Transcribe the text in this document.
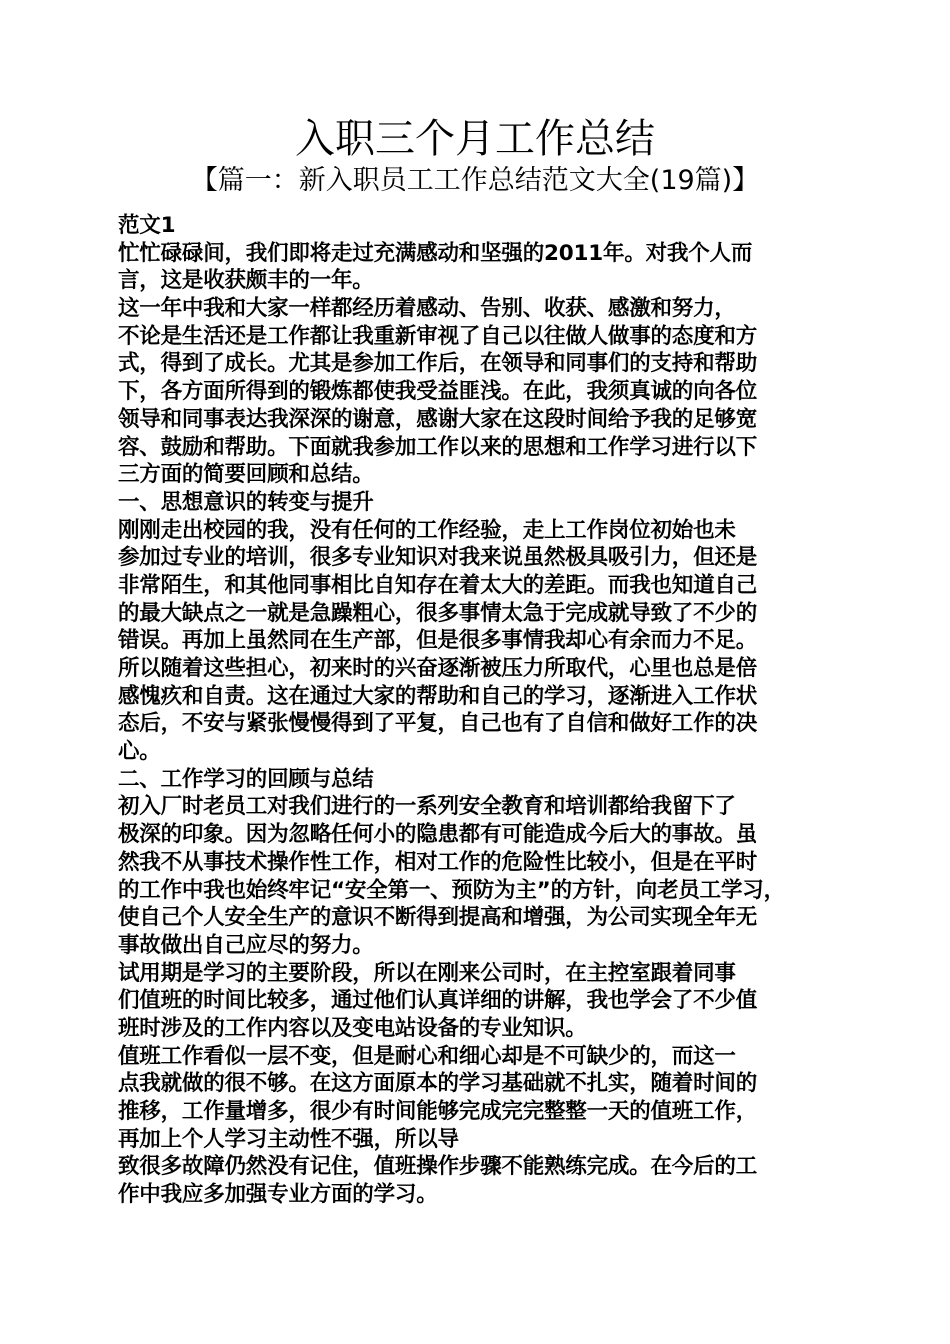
入职三个月工作总结
【篇一：新入职员工工作总结范文大全(19篇)】
范文1
忙忙碌碌间，我们即将走过充满感动和坚强的2011年。对我个人而
言，这是收获颇丰的一年。
这一年中我和大家一样都经历着感动、告别、收获、感激和努力，
不论是生活还是工作都让我重新审视了自己以往做人做事的态度和方
式，得到了成长。尤其是参加工作后，在领导和同事们的支持和帮助
下，各方面所得到的锻炼都使我受益匪浅。在此，我须真诚的向各位
领导和同事表达我深深的谢意，感谢大家在这段时间给予我的足够宽
容、鼓励和帮助。下面就我参加工作以来的思想和工作学习进行以下
三方面的简要回顾和总结。
一、思想意识的转变与提升
刚刚走出校园的我，没有任何的工作经验，走上工作岗位初始也未
参加过专业的培训，很多专业知识对我来说虽然极具吸引力，但还是
非常陌生，和其他同事相比自知存在着太大的差距。而我也知道自己
的最大缺点之一就是急躁粗心，很多事情太急于完成就导致了不少的
错误。再加上虽然同在生产部，但是很多事情我却心有余而力不足。
所以随着这些担心，初来时的兴奋逐渐被压力所取代，心里也总是倍
感愧疚和自责。这在通过大家的帮助和自己的学习，逐渐进入工作状
态后，不安与紧张慢慢得到了平复，自己也有了自信和做好工作的决
心。
二、工作学习的回顾与总结
初入厂时老员工对我们进行的一系列安全教育和培训都给我留下了
极深的印象。因为忽略任何小的隐患都有可能造成今后大的事故。虽
然我不从事技术操作性工作，相对工作的危险性比较小，但是在平时
的工作中我也始终牢记“安全第一、预防为主”的方针，向老员工学习，
使自己个人安全生产的意识不断得到提高和增强，为公司实现全年无
事故做出自己应尽的努力。
试用期是学习的主要阶段，所以在刚来公司时，在主控室跟着同事
们值班的时间比较多，通过他们认真详细的讲解，我也学会了不少值
班时涉及的工作内容以及变电站设备的专业知识。
值班工作看似一层不变，但是耐心和细心却是不可缺少的，而这一
点我就做的很不够。在这方面原本的学习基础就不扎实，随着时间的
推移，工作量增多，很少有时间能够完成完完整整一天的值班工作，
再加上个人学习主动性不强，所以导
致很多故障仍然没有记住，值班操作步骤不能熟练完成。在今后的工
作中我应多加强专业方面的学习。
